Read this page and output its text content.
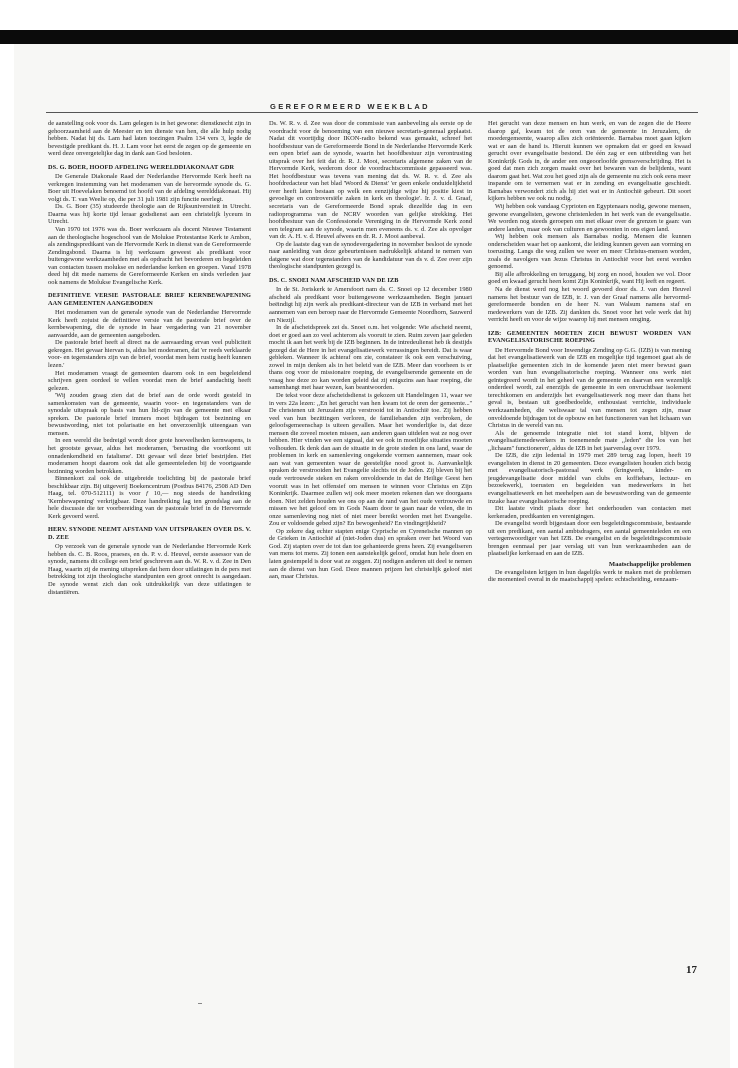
GEREFORMEERD WEEKBLAD

de aanstelling ook voor ds. Lam gelegen is in het gewone: dienstknecht zijn in gehoorzaamheid aan de Meester en ten dienste van hen, die alle hulp nodig hebben. Nadat hij ds. Lam had laten toezingen Psalm 134 vers 3, legde de bevestigde predikant ds. H. J. Lam voor het eerst de zegen op de gemeente en werd deze onvergetelijke dag in dank aan God besloten.

DS. G. BOER, HOOFD AFDELING WERELDDIAKONAAT GDR

De Generale Diakonale Raad der Nederlandse Hervormde Kerk heeft na verkregen instemming van het moderamen van de hervormde synode ds. G. Boer uit Hoevelaken benoemd tot hoofd van de afdeling werelddiakonaat. Hij volgt ds. T. van Weelie op, die per 31 juli 1981 zijn functie neerlegt.

Ds. G. Boer (35) studeerde theologie aan de Rijksuniversiteit in Utrecht. Daarna was hij korte tijd leraar godsdienst aan een christelijk lyceum in Utrecht.

Van 1970 tot 1976 was ds. Boer werkzaam als docent Nieuwe Testament aan de theologische hogeschool van de Molukse Protestantse Kerk te Ambon, als zendingspredikant van de Hervormde Kerk in dienst van de Gereformeerde Zendingsbond. Daarna is hij werkzaam geweest als predikant voor buitengewone werkzaamheden met als opdracht het bevorderen en begeleiden van contacten tussen molukse en nederlandse kerken en groepen. Vanaf 1978 deed hij dit mede namens de Gereformeerde Kerken en sinds verleden jaar ook namens de Molukse Evangelische Kerk.

DEFINITIEVE VERSIE PASTORALE BRIEF KERNBEWAPENING AAN GEMEENTEN AANGEBODEN

Het moderamen van de generale synode van de Nederlandse Hervormde Kerk heeft zojuist de definitieve versie van de pastorale brief over de kernbewapening, die de synode in haar vergadering van 21 november aanvaardde, aan de gemeenten aangeboden.

De pastorale brief heeft al direct na de aanvaarding ervan veel publiciteit gekregen. Het gevaar hiervan is, aldus het moderamen, dat 'er reeds verklaarde voor- en tegenstanders zijn van de brief, voordat men hem rustig heeft kunnen lezen.'

Het moderamen vraagt de gemeenten daarom ook in een begeleidend schrijven geen oordeel te vellen voordat men de brief aandachtig heeft gelezen.

'Wij zouden graag zien dat de brief aan de orde wordt gesteld in samenkomsten van de gemeente, waarin voor- en tegenstanders van de synodale uitspraak op basis van hun lid-zijn van de gemeente met elkaar spreken. De pastorale brief immers moet bijdragen tot bezinning en bewustwording, niet tot polarisatie en het onverzoenlijk uiteengaan van mensen.

In een wereld die bedreigd wordt door grote hoeveelheden kernwapens, is het grootste gevaar, aldus het moderamen, 'berusting die voortkomt uit onnadenkendheid en fatalisme'. Dit gevaar wil deze brief bestrijden. Het moderamen hoopt daarom ook dat alle gemeenteleden bij de voortgaande bezinning worden betrokken.

Binnenkort zal ook de uitgebreide toelichting bij de pastorale brief beschikbaar zijn. Bij uitgeverij Boekencentrum (Postbus 84176, 2508 AD Den Haag, tel. 070-512111) is voor ƒ 10,— nog steeds de handreiking 'Kernbewapening' verkrijgbaar. Deze handreiking lag ten grondslag aan de hele discussie die ter voorbereiding van de pastorale brief in de Hervormde Kerk gevoerd werd.

HERV. SYNODE NEEMT AFSTAND VAN UITSPRAKEN OVER DS. V. D. ZEE

Op verzoek van de generale synode van de Nederlandse Hervormde Kerk hebben ds. C. B. Roos, praeses, en ds. P. v. d. Heuvel, eerste assessor van de synode, namens dit college een brief geschreven aan ds. W. R. v. d. Zee in Den Haag, waarin zij de mening uitspreken dat hem door uitlatingen in de pers met betrekking tot zijn theologische standpunten een groot onrecht is aangedaan. De synode wenst zich dan ook uitdrukkelijk van deze uitlatingen te distantiëren.

Ds. W. R. v. d. Zee was door de commissie van aanbeveling als eerste op de voordracht voor de benoeming van een nieuwe secretaris-generaal geplaatst. Nadat dit voortijdig door IKON-radio bekend was gemaakt, schreef het hoofdbestuur van de Gereformeerde Bond in de Nederlandse Hervormde Kerk een open brief aan de synode, waarin het hoofdbestuur zijn verontrusting uitsprak over het feit dat dr. R. J. Mooi, secretaris algemene zaken van de Hervormde Kerk, wederom door de voordrachtscommissie gepasseerd was. Het hoofdbestuur was tevens van mening dat ds. W. R. v. d. Zee als hoofdredacteur van het blad 'Woord & Dienst' 'er geen enkele onduidelijkheid over heeft laten bestaan op welk een eenzijdige wijze hij positie kiest in gevoelige en controversiële zaken in kerk en theologie'. Ir. J. v. d. Graaf, secretaris van de Gereformeerde Bond sprak diezelfde dag in een radioprogramma van de NCRV woorden van gelijke strekking. Het hoofdbestuur van de Confessionele Vereniging in de Hervormde Kerk zond een telegram aan de synode, waarin men eveneens ds. v. d. Zee als opvolger van dr. A. H. v. d. Heuvel afwees en dr. R. J. Mooi aanbeval.

Op de laatste dag van de synodevergadering in november besloot de synode naar aanleiding van deze gebeurtenissen nadrukkelijk afstand te nemen van datgene wat door tegenstanders van de kandidatuur van ds v. d. Zee over zijn theologische standpunten gezegd is.

DS. C. SNOEI NAM AFSCHEID VAN DE IZB

In de St. Joriskerk te Amersfoort nam ds. C. Snoei op 12 december 1980 afscheid als predikant voor buitengewone werkzaamheden. Begin januari beëindigt hij zijn werk als predikant-directeur van de IZB in verband met het aannemen van een beroep naar de Hervormde Gemeente Noordhorn, Sauwerd en Niezijl.

In de afscheidspreek zei ds. Snoei o.m. het volgende: Wie afscheid neemt, doet er goed aan zo veel achterom als vooruit te zien. Ruim zeven jaar geleden mocht ik aan het werk bij de IZB beginnen. In de intredeulienst heb ik destijds gezegd dat de Here in het evangelisatiewerk verrassingen bereidt. Dat is waar gebleken. Wanneer ik achteraf om zie, constateer ik ook een verschuiving, zowel in mijn denken als in het beleid van de IZB. Meer dan voorheen is er thans oog voor de missionaire roeping, de evangeliserende gemeente en de vraag hoe deze zo kan worden geleid dat zij enigszins aan haar roeping, die samenhangt met haar wezen, kan beantwoorden.

De tekst voor deze afscheidsdienst is gekozen uit Handelingen 11, waar we in vers 22a lezen: ,,En het gerucht van hen kwam tot de oren der gemeente...'' De christenen uit Jeruzalem zijn verstrooid tot in Antiochië toe. Zij hebben veel van hun bezittingen verloren, de familiebanden zijn verbroken, de geloofsgemeenschap is uiteen gevallen. Maar het wonderlijke is, dat deze mensen die zoveel moeten missen, aan anderen gaan uitdelen wat ze nog over hebben. Hier vinden we een signaal, dat we ook in moeilijke situaties moeten volhouden. Ik denk dan aan de situatie in de grote steden in ons land, waar de problemen in kerk en samenleving ongekende vormen aannemen, maar ook aan wat van gemeenten waar de geestelijke nood groot is. Aanvankelijk spraken de verstrooiden het Evangelie slechts tot de Joden. Zij bleven bij het oude vertrouwde steken en raken onvoldoende in dat de Heilige Geest hen vooruit was in het offensief om mensen te winnen voor Christus en Zijn Koninkrijk. Daarmee zullen wij ook meer moeten rekenen dan we doorgaans doen. Niet zelden houden we ons op aan de rand van het oude vertrouwde en missen we het geloof om in Gods Naam door te gaan naar de velen, die in onze samenleving nog niet of niet meer bereikt worden met het Evangelie. Zou er voldoende gebed zijn? En bewogenheid? En vindingrijkheid?

Op zekere dag echter stapten enige Cyprische en Cyreneïsche mannen op de Grieken in Antiochië af (niet-Joden dus) en spraken over het Woord van God. Zij stapten over de tot dan toe gehanteerde grens heen. Zij evangeliseren van mens tot mens. Zij tonen een aanstekelijk geloof, omdat hun hele doen en laten gestempeld is door wat ze zeggen. Zij nodigen anderen uit deel te nemen aan de dienst van hun God. Deze mannen prijzen het christelijk geloof niet aan, maar Christus.

Het gerucht van deze mensen en hun werk, en van de zegen die de Heere daarop gaf, kwam tot de oren van de gemeente in Jeruzalem, de moedergemeente, waarop alles zich oriënteerde. Barnabas moet gaan kijken wat er aan de hand is. Hieruit kunnen we opmaken dat er goed en kwaad gerucht over evangelisatie bestond. De één zag er een uitbreiding van het Koninkrijk Gods in, de ander een ongeoorloofde grensoverschrijding. Het is goed dat men zich zorgen maakt over het bewaren van de belijdenis, want daarom gaat het. Wat zou het goed zijn als de gemeente nu zich ook eens meer inspande om te vernemen wat er in zending en evangelisatie geschiedt. Barnabas verwondert zich als hij ziet wat er in Antiochië gebeurt. Dit soort kijkers hebben we ook nu nodig.

Wij hebben ook vandaag Cyprioten en Egyptenaars nodig, gewone mensen, gewone evangelisten, gewone christenleden in het werk van de evangelisatie. We worden nog steeds geroepen om met elkaar over de grenzen te gaan: van andere landen, maar ook van culturen en gewoonten in ons eigen land.

Wij hebben ook mensen als Barnabas nodig. Mensen die kunnen onderscheiden waar het op aankomt, die leiding kunnen geven aan vorming en toerusting. Langs die weg zullen we weer en meer Christus-mensen worden, zoals de navolgers van Jezus Christus in Antiochië voor het eerst werden genoemd.

Bij alle afbrokkeling en teruggang, bij zorg en nood, houden we vol. Door goed en kwaad gerucht heen komt Zijn Koninkrijk, want Hij leeft en regeert.

Na de dienst werd nog het woord gevoerd door ds. J. van den Heuvel namens het bestuur van de IZB, ir. J. van der Graaf namens alle hervormd-gereformeerde bonden en de heer N. van Walsum namens staf en medewerkers van de IZB. Zij dankten ds. Snoei voor het vele werk dat hij verricht heeft en voor de wijze waarop hij met mensen omging.

IZB: GEMEENTEN MOETEN ZICH BEWUST WORDEN VAN EVANGELISATORISCHE ROEPING

De Hervormde Bond voor Inwendige Zending op G.G. (IZB) is van mening dat het evangelisatiewerk van de IZB en mogelijke tijd tegemoet gaat als de plaatselijke gemeenten zich in de komende jaren niet meer bewust gaan worden van hun evangelisatorische roeping. Wanneer ons werk niet geïntegreerd wordt in het geheel van de gemeente en daarvan een wezenlijk onderdeel wordt, zal enerzijds de gemeente in een onvruchtbaar isolement terechtkomen en anderzijds het evangelisatiewerk nog meer dan thans het geval is, bestaan uit goedbedoelde, enthousiast verrichte, individuele werkzaamheden, die weliswaar tal van mensen tot zegen zijn, maar onvoldoende bijdragen tot de opbouw en het functioneren van het lichaam van Christus in de wereld van nu.

Als de genoemde integratie niet tot stand komt, blijven de evangelisatiemedewerkers in toenemende mate ,,leden'' die los van het ,,lichaam'' functioneren', aldus de IZB in het jaarverslag over 1979.

De IZB, die zijn ledental in 1979 met 289 terug zag lopen, heeft 19 evangelisten in dienst in 20 gemeenten. Deze evangelisten houden zich bezig met evangelisatorisch-pastoraal werk (kringwerk, kinder- en jeugdevangelisatie door middel van clubs en koffiebars, lectuur- en bezoekwerk), toerusten en begeleiden van medewerkers in het evangelisatiewerk en het meehelpen aan de bewustwording van de gemeente inzake haar evangelisatorische roeping.

Dit laatste vindt plaats door het onderhouden van contacten met kerkeraden, predikanten en verenigingen.

De evangelist wordt bijgestaan door een begeleidingscommissie, bestaande uit een predikant, een aantal ambtsdragers, een aantal gemeenteleden en een vertegenwoordiger van het IZB. De evangelist en de begeleidingscommissie brengen eenmaal per jaar verslag uit van hun werkzaamheden aan de plaatselijke kerkeraad en aan de IZB.

Maatschappelijke problemen

De evangelisten krijgen in hun dagelijks werk te maken met de problemen die momenteel overal in de maatschappij spelen: echtscheiding, eenzaam-

17
